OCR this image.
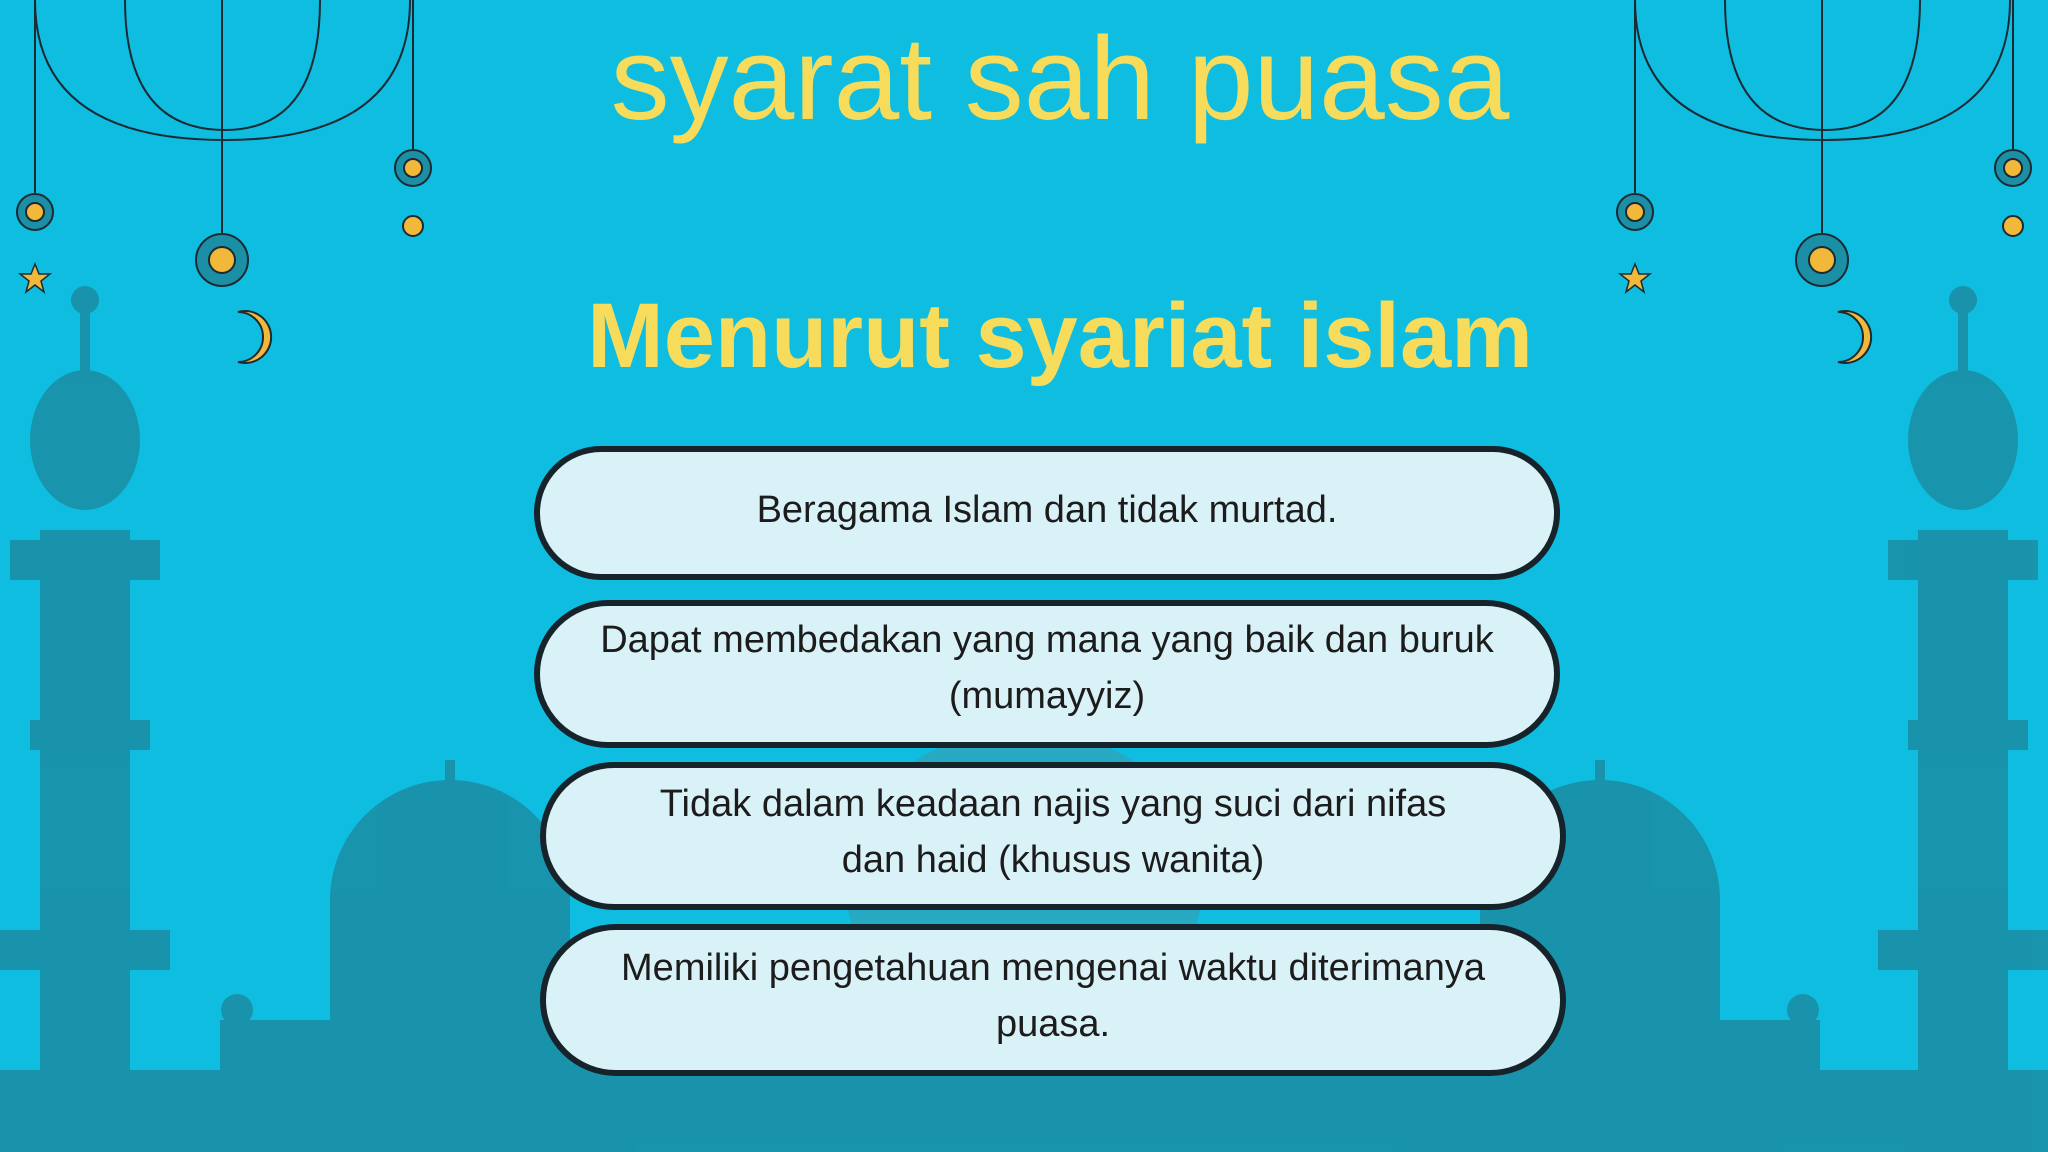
syarat sah puasa
Menurut syariat islam
Beragama Islam dan tidak murtad.
Dapat membedakan yang mana yang baik dan buruk (mumayyiz)
Tidak dalam keadaan najis yang suci dari nifas dan haid (khusus wanita)
Memiliki pengetahuan mengenai waktu diterimanya puasa.
